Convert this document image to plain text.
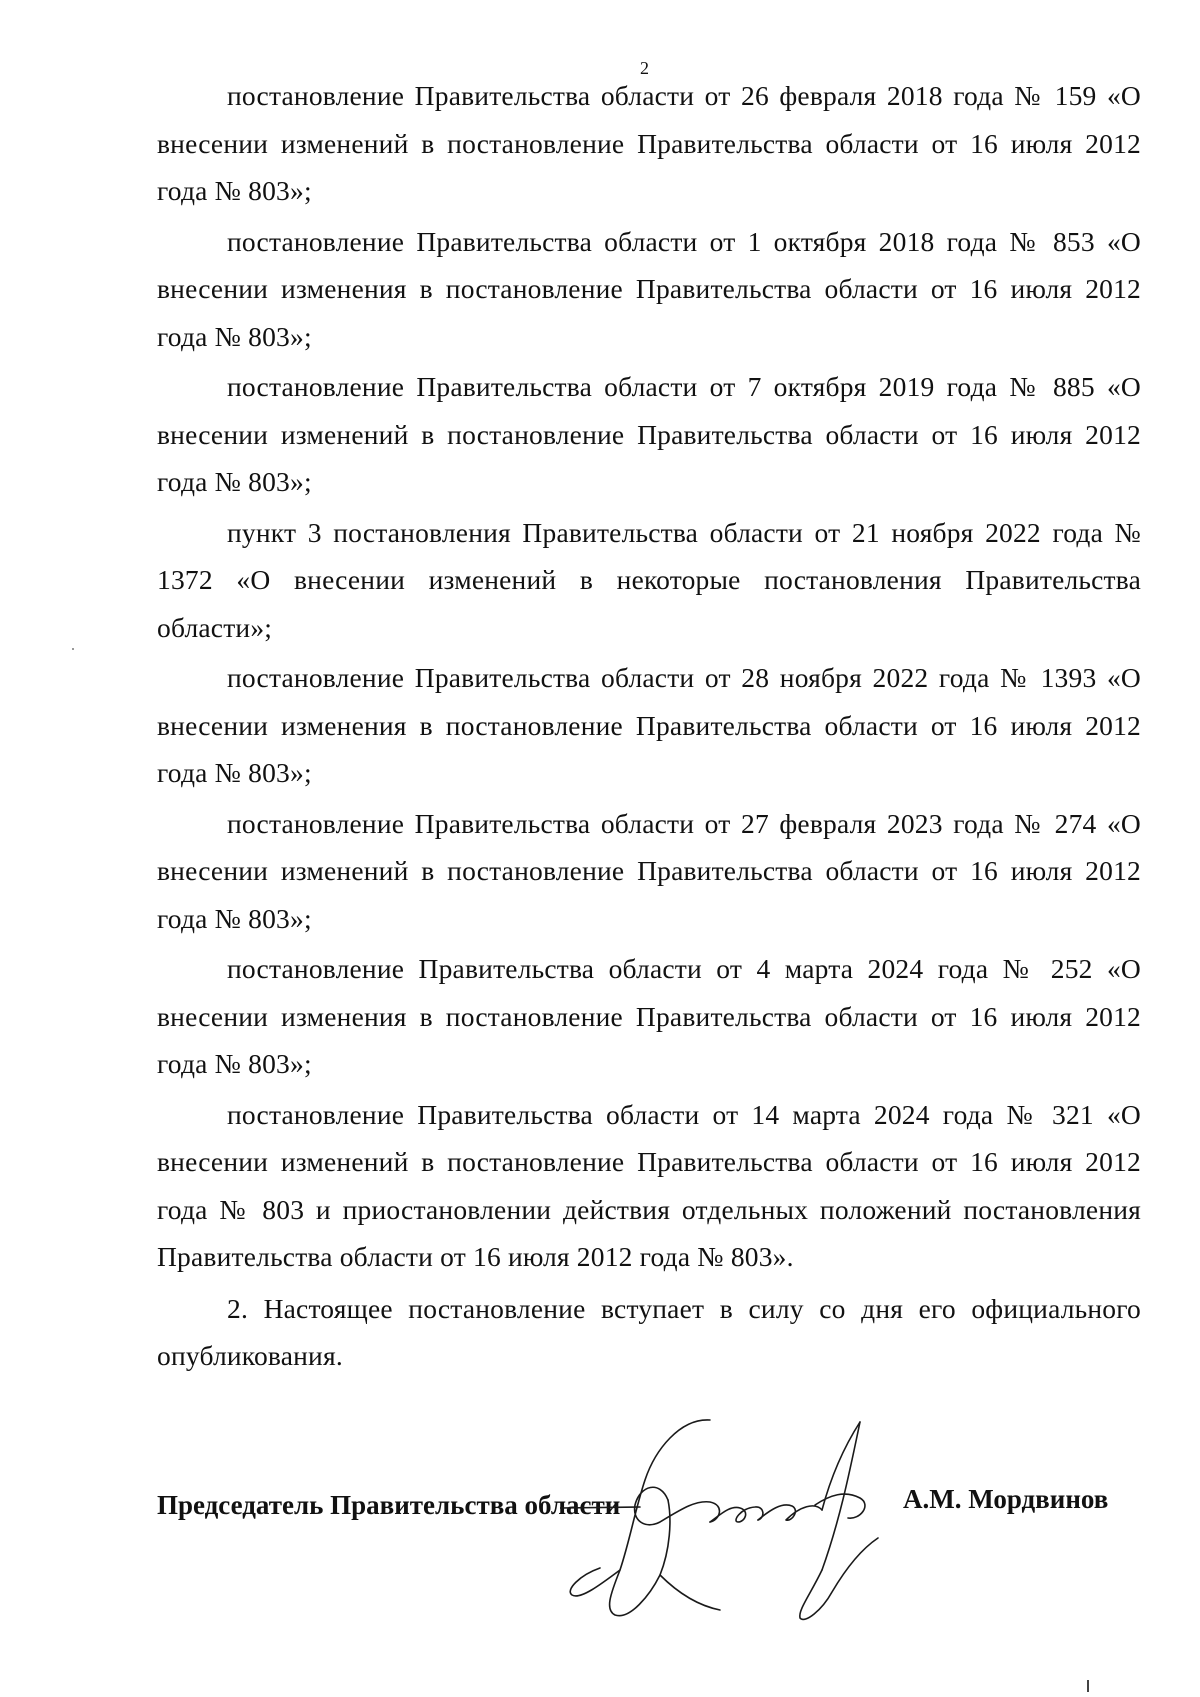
2

постановление Правительства области от 26 февраля 2018 года № 159 «О внесении изменений в постановление Правительства области от 16 июля 2012 года № 803»;

постановление Правительства области от 1 октября 2018 года № 853 «О внесении изменения в постановление Правительства области от 16 июля 2012 года № 803»;

постановление Правительства области от 7 октября 2019 года № 885 «О внесении изменений в постановление Правительства области от 16 июля 2012 года № 803»;

пункт 3 постановления Правительства области от 21 ноября 2022 года № 1372 «О внесении изменений в некоторые постановления Правительства области»;

постановление Правительства области от 28 ноября 2022 года № 1393 «О внесении изменения в постановление Правительства области от 16 июля 2012 года № 803»;

постановление Правительства области от 27 февраля 2023 года № 274 «О внесении изменений в постановление Правительства области от 16 июля 2012 года № 803»;

постановление Правительства области от 4 марта 2024 года № 252 «О внесении изменения в постановление Правительства области от 16 июля 2012 года № 803»;

постановление Правительства области от 14 марта 2024 года № 321 «О внесении изменений в постановление Правительства области от 16 июля 2012 года № 803 и приостановлении действия отдельных положений постановления Правительства области от 16 июля 2012 года № 803».

2. Настоящее постановление вступает в силу со дня его официального опубликования.

Председатель Правительства области	А.М. Мордвинов
